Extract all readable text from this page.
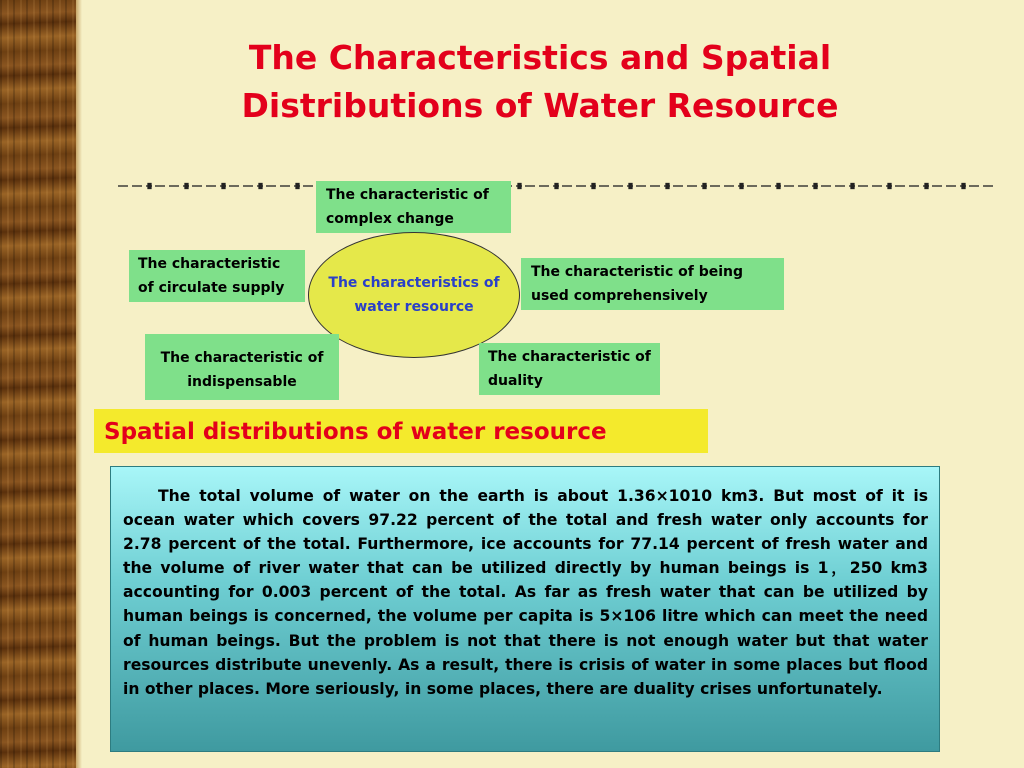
The Characteristics and Spatial Distributions of Water Resource
The characteristic of complex change
The characteristic of circulate supply	The characteristics of water resource
The characteristic of being used comprehensively
The characteristic of indispensable
The characteristic of duality
Spatial distributions of water resource

The total volume of water on the earth is about 1.36×1010 km3. But most of it is ocean water which covers 97.22 percent of the total and fresh water only accounts for 2.78 percent of the total. Furthermore, ice accounts for 77.14 percent of fresh water and the volume of river water that can be utilized directly by human beings is 1，250 km3 accounting for 0.003 percent of the total. As far as fresh water that can be utilized by human beings is concerned, the volume per capita is 5×106 litre which can meet the need of human beings. But the problem is not that there is not enough water but that water resources distribute unevenly. As a result, there is crisis of water in some places but flood in other places. More seriously, in some places, there are duality crises unfortunately.
